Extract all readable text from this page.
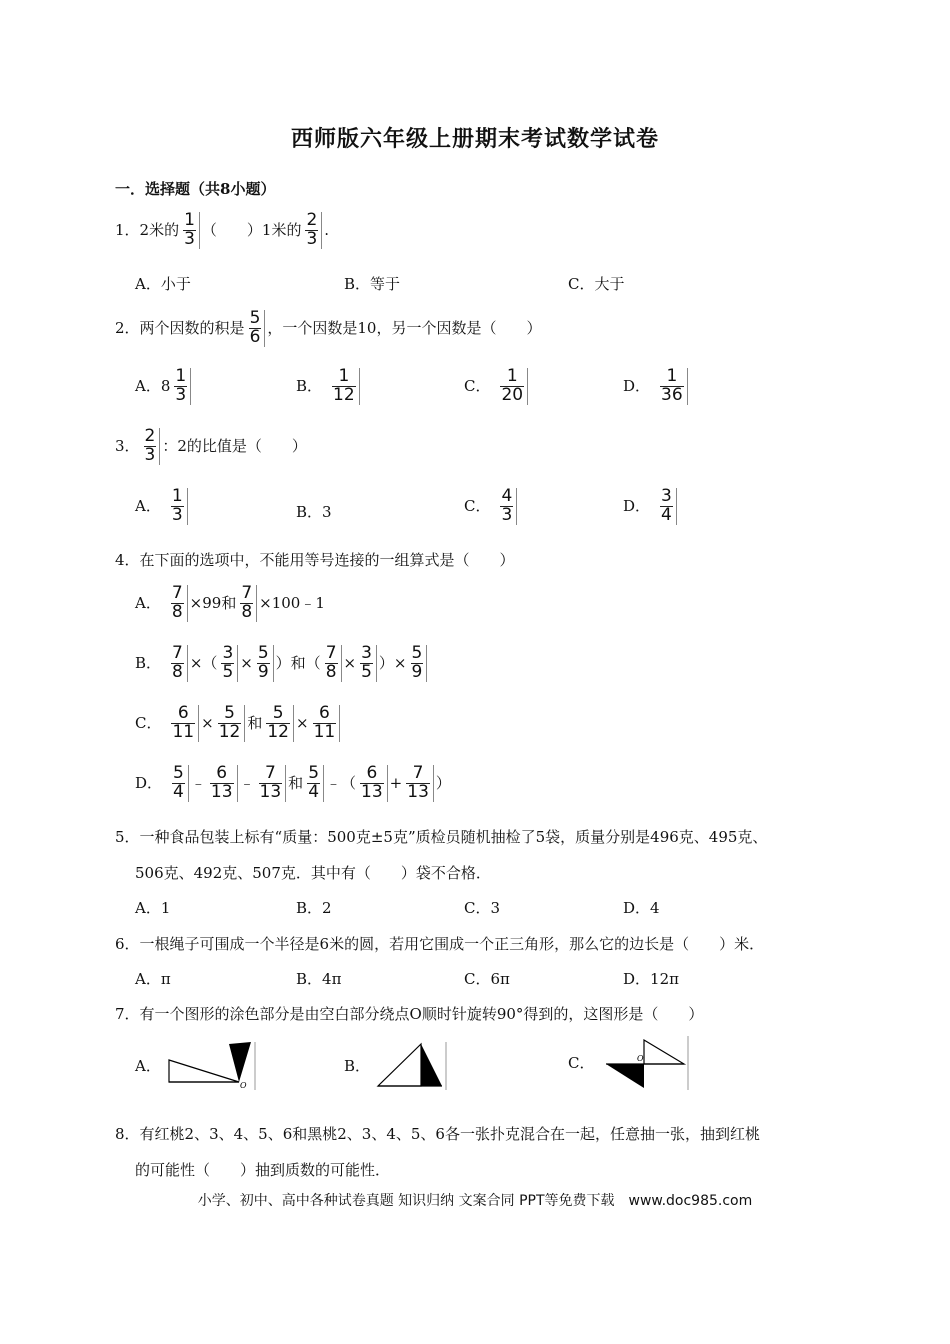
西师版六年级上册期末考试数学试卷
一．选择题（共8小题）
1． 2米的 $\frac{1}{3}$ （　　）1米的 $\frac{2}{3}$ .
A．小于	B．等于	C．大于
2． 两个因数的积是 $\frac{5}{6}$ ，一个因数是10，另一个因数是（　　）
A． $8 \frac{1}{3}$	B． $\frac{1}{12}$	C． $\frac{1}{20}$	D． $\frac{1}{36}$
3． $\frac{2}{3}$ ：2的比值是（　　）
A． $\frac{1}{3}$	B．3	C． $\frac{4}{3}$	D． $\frac{3}{4}$
4． 在下面的选项中，不能用等号连接的一组算式是（　　）
A． $\frac{7}{8} \times 99$和 $\frac{7}{8}$ ×100﹣1
B． $\frac{7}{8}$ ×（ $\frac{3}{5} \times \frac{5}{9}$ ）和（ $\frac{7}{8} \times \frac{3}{5}$ ）× $\frac{5}{9}$
C． $\frac{6}{11} \times \frac{5}{12}$ 和 $\frac{5}{12} \times \frac{6}{11}$
D． $\frac{5}{4}$ ﹣ $\frac{6}{13}$ ﹣ $\frac{7}{13}$ 和 $\frac{5}{4}$ ﹣（ $\frac{6}{13} + \frac{7}{13}$ ）
5．一种食品包装上标有“质量：500克±5克”质检员随机抽检了5袋，质量分别是496克、495克、
506克、492克、507克．其中有（　　）袋不合格．
A．1	B．2	C．3	D．4
6．一根绳子可围成一个半径是6米的圆，若用它围成一个正三角形，那么它的边长是（　　）米．
A．π	B．4π	C．6π	D．12π
7．有一个图形的涂色部分是由空白部分绕点O顺时针旋转90°得到的，这图形是（　　）
A．
O
B．	C．	O
8．有红桃2、3、4、5、6和黑桃2、3、4、5、6各一张扑克混合在一起，任意抽一张，抽到红桃
的可能性（　　）抽到质数的可能性．
小学、初中、高中各种试卷真题 知识归纳 文案合同 PPT等免费下载　www.doc985.com
